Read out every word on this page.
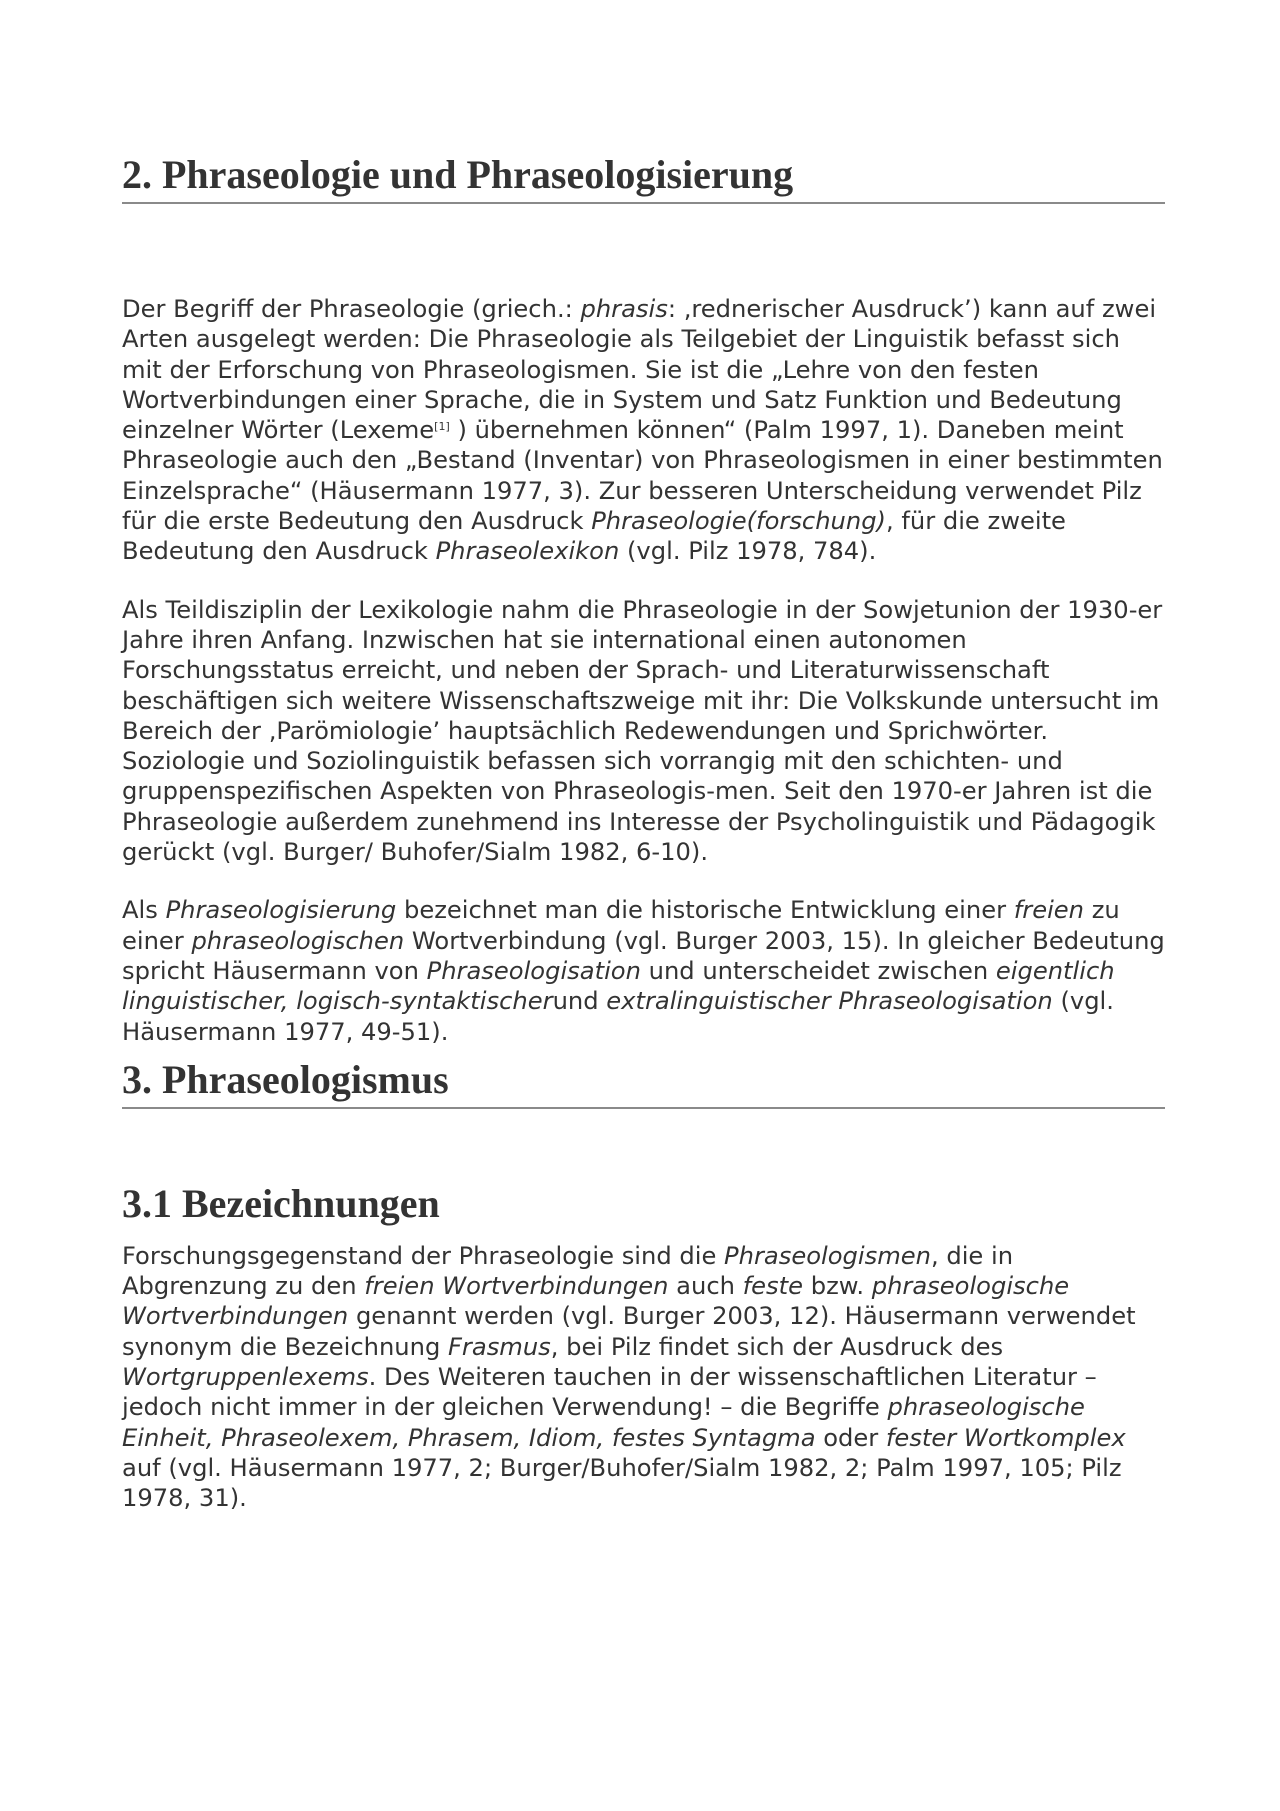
2. Phraseologie und Phraseologisierung

Der Begriff der Phraseologie (griech.: phrasis: ‚rednerischer Ausdruck’) kann auf zwei Arten ausgelegt werden: Die Phraseologie als Teilgebiet der Linguistik befasst sich mit der Erforschung von Phraseologismen. Sie ist die „Lehre von den festen Wortverbindungen einer Sprache, die in System und Satz Funktion und Bedeutung einzelner Wörter (Lexeme[1] ) übernehmen können“ (Palm 1997, 1). Daneben meint Phraseologie auch den „Bestand (Inventar) von Phraseologismen in einer bestimmten Einzelsprache“ (Häusermann 1977, 3). Zur besseren Unterscheidung verwendet Pilz für die erste Bedeutung den Ausdruck Phraseologie(forschung), für die zweite Bedeutung den Ausdruck Phraseolexikon (vgl. Pilz 1978, 784).

Als Teildisziplin der Lexikologie nahm die Phraseologie in der Sowjetunion der 1930-er Jahre ihren Anfang. Inzwischen hat sie international einen autonomen Forschungsstatus erreicht, und neben der Sprach- und Literaturwissenschaft beschäftigen sich weitere Wissenschaftszweige mit ihr: Die Volkskunde untersucht im Bereich der ‚Parömiologie’ hauptsächlich Redewendungen und Sprichwörter. Soziologie und Soziolinguistik befassen sich vorrangig mit den schichten- und gruppenspezifischen Aspekten von Phraseologis-men. Seit den 1970-er Jahren ist die Phraseologie außerdem zunehmend ins Interesse der Psycholinguistik und Pädagogik gerückt (vgl. Burger/ Buhofer/Sialm 1982, 6-10).

Als Phraseologisierung bezeichnet man die historische Entwicklung einer freien zu einer phraseologischen Wortverbindung (vgl. Burger 2003, 15). In gleicher Bedeutung spricht Häusermann von Phraseologisation und unterscheidet zwischen eigentlich linguistischer, logisch-syntaktischerund extralinguistischer Phraseologisation (vgl. Häusermann 1977, 49-51).

3. Phraseologismus
3.1 Bezeichnungen

Forschungsgegenstand der Phraseologie sind die Phraseologismen, die in Abgrenzung zu den freien Wortverbindungen auch feste bzw. phraseologische Wortverbindungen genannt werden (vgl. Burger 2003, 12). Häusermann verwendet synonym die Bezeichnung Frasmus, bei Pilz findet sich der Ausdruck des Wortgruppenlexems. Des Weiteren tauchen in der wissenschaftlichen Literatur – jedoch nicht immer in der gleichen Verwendung! – die Begriffe phraseologische Einheit, Phraseolexem, Phrasem, Idiom, festes Syntagma oder fester Wortkomplex auf (vgl. Häusermann 1977, 2; Burger/Buhofer/Sialm 1982, 2; Palm 1997, 105; Pilz 1978, 31).
